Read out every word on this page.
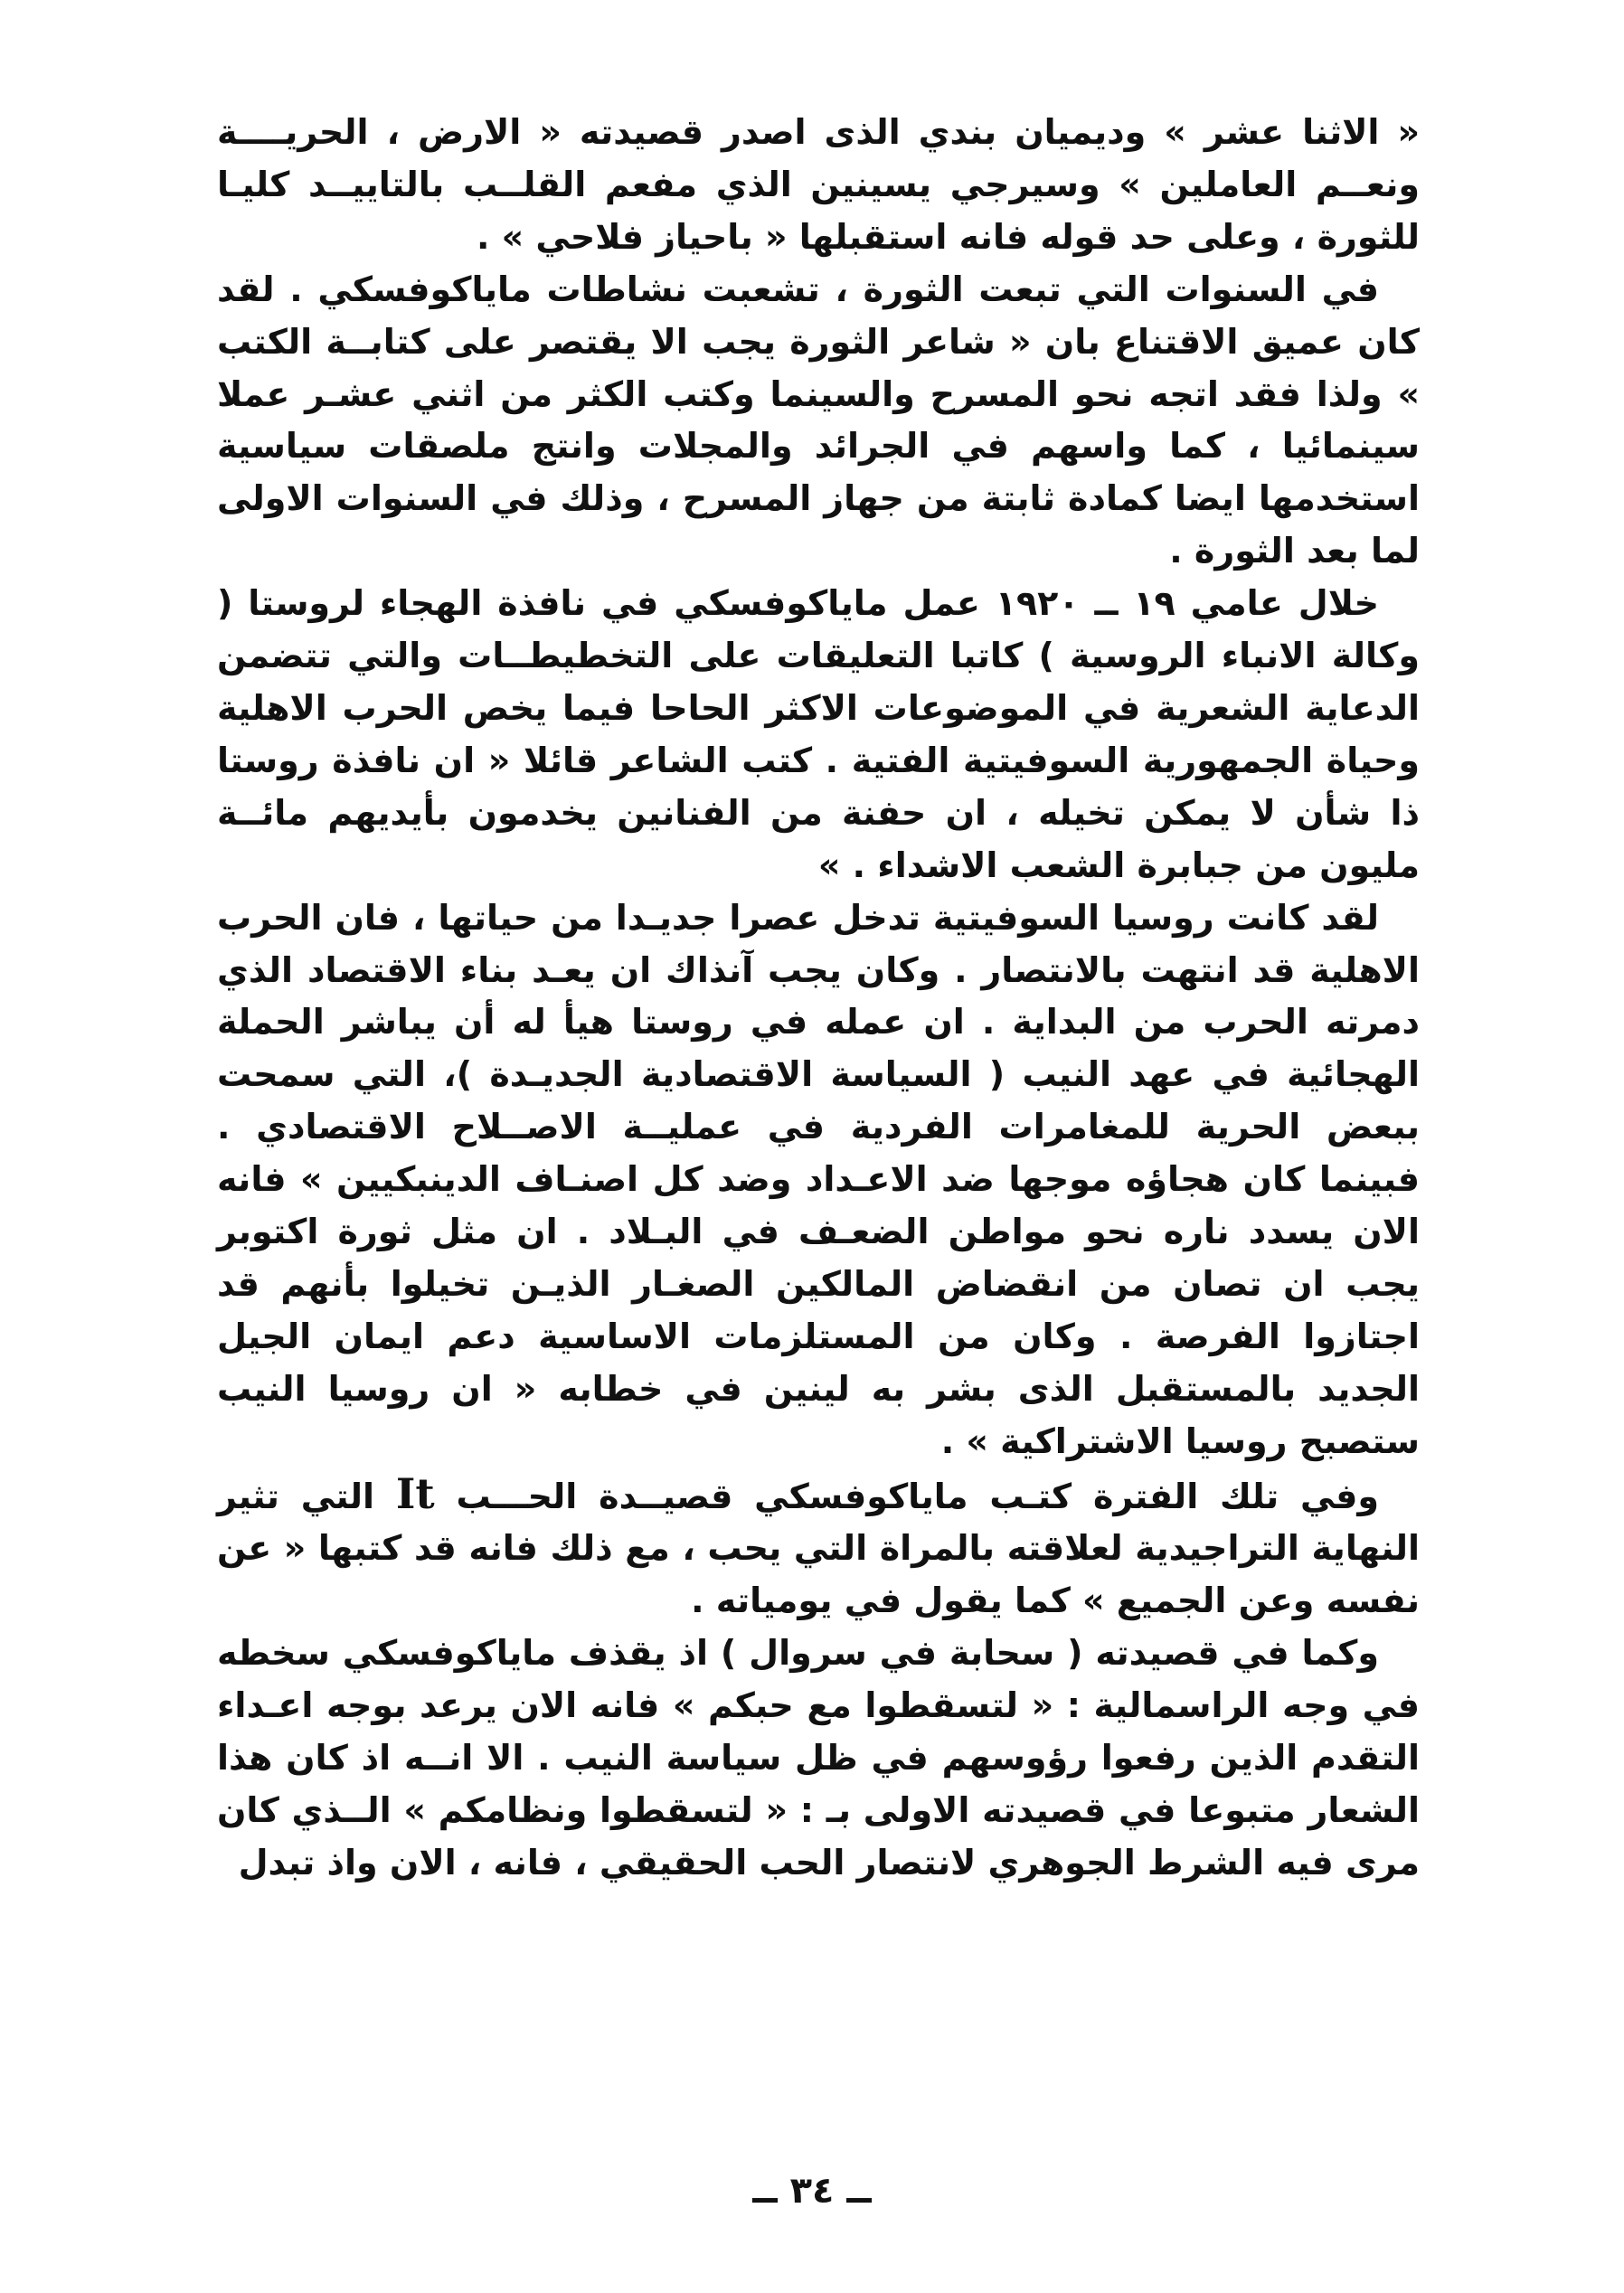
« الاثنا عشر » وديميان بندي الذى اصدر قصيدته « الارض ، الحريــــة ونعــم العاملين » وسيرجي يسينين الذي مفعم القلــب بالتاييــد كليـا للثورة ، وعلى حد قوله فانه استقبلها « باحياز فلاحي » .

في السنوات التي تبعت الثورة ، تشعبت نشاطات ماياكوفسكي . لقد كان عميق الاقتناع بان « شاعر الثورة يجب الا يقتصر على كتابــة الكتب » ولذا فقد اتجه نحو المسرح والسينما وكتب الكثر من اثني عشـر عملا سينمائيا ، كما واسهم في الجرائد والمجلات وانتج ملصقات سياسية استخدمها ايضا كمادة ثابتة من جهاز المسرح ، وذلك في السنوات الاولى لما بعد الثورة .

خلال عامي ١٩ ــ ١٩٢٠ عمل ماياكوفسكي في نافذة الهجاء لروستا ( وكالة الانباء الروسية ) كاتبا التعليقات على التخطيطــات والتي تتضمن الدعاية الشعرية في الموضوعات الاكثر الحاحا فيما يخص الحرب الاهلية وحياة الجمهورية السوفيتية الفتية . كتب الشاعر قائلا « ان نافذة روستا ذا شأن لا يمكن تخيله ، ان حفنة من الفنانين يخدمون بأيديهم مائــة مليون من جبابرة الشعب الاشداء . »

لقد كانت روسيا السوفيتية تدخل عصرا جديـدا من حياتها ، فان الحرب الاهلية قد انتهت بالانتصار . وكان يجب آنذاك ان يعـد بناء الاقتصاد الذي دمرته الحرب من البداية . ان عمله في روستا هيأ له أن يباشر الحملة الهجائية في عهد النيب ( السياسة الاقتصادية الجديـدة )، التي سمحت ببعض الحرية للمغامرات الفردية في عمليــة الاصــلاح الاقتصادي . فبينما كان هجاؤه موجها ضد الاعـداد وضد كل اصنـاف الدينبكيين » فانه الان يسدد ناره نحو مواطن الضعـف في البـلاد . ان مثل ثورة اكتوبر يجب ان تصان من انقضاض المالكين الصغـار الذيـن تخيلوا بأنهم قد اجتازوا الفرصة . وكان من المستلزمات الاساسية دعم ايمان الجيل الجديد بالمستقبل الذى بشر به لينين في خطابه « ان روسيا النيب ستصبح روسيا الاشتراكية » .

وفي تلك الفترة كتـب ماياكوفسكي قصيــدة الحـــب It التي تثير النهاية التراجيدية لعلاقته بالمراة التي يحب ، مع ذلك فانه قد كتبها « عن نفسه وعن الجميع » كما يقول في يومياته .

وكما في قصيدته ( سحابة في سروال ) اذ يقذف ماياكوفسكي سخطه في وجه الراسمالية : « لتسقطوا مع حبكم » فانه الان يرعد بوجه اعـداء التقدم الذين رفعوا رؤوسهم في ظل سياسة النيب . الا انــه اذ كان هذا الشعار متبوعا في قصيدته الاولى بـ : « لتسقطوا ونظامكم » الــذي كان مرى فيه الشرط الجوهري لانتصار الحب الحقيقي ، فانه ، الان واذ تبدل

ــ ٣٤ ــ
